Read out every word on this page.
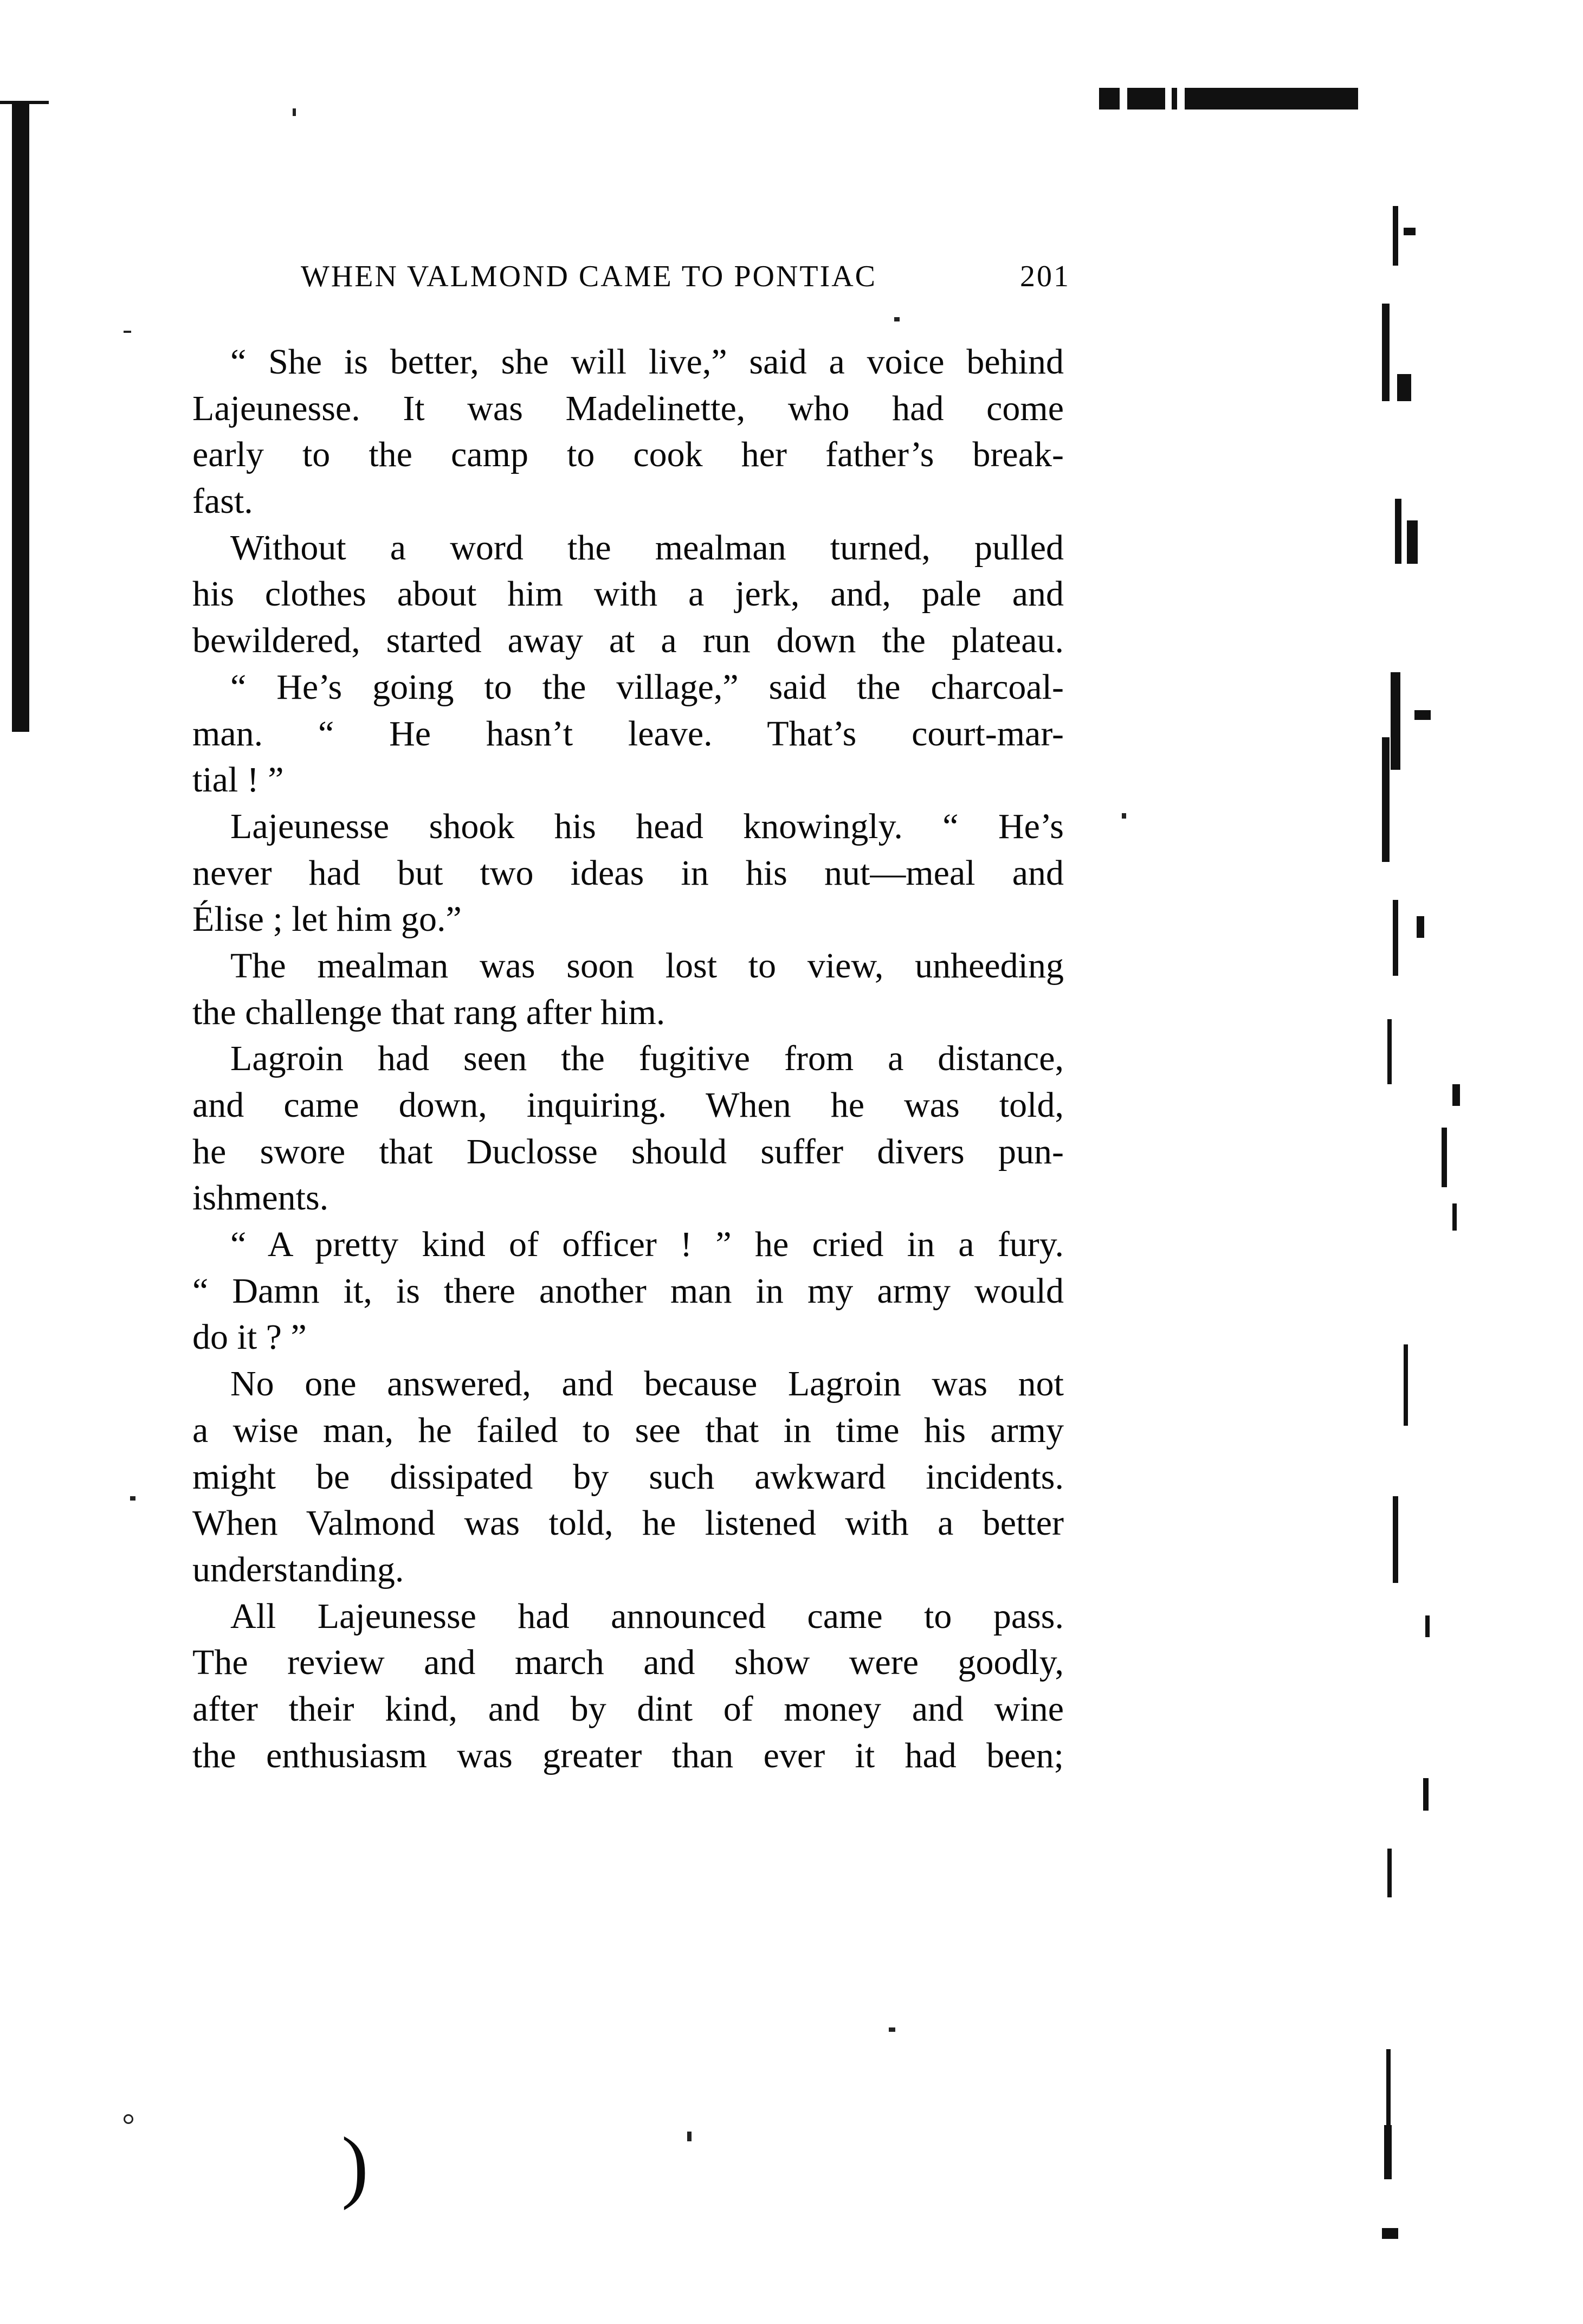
WHEN VALMOND CAME TO PONTIAC	201
“ She is better, she will live,” said a voice behind
Lajeunesse. It was Madelinette, who had come
early to the camp to cook her father’s break-
fast.
Without a word the mealman turned, pulled
his clothes about him with a jerk, and, pale and
bewildered, started away at a run down the plateau.
“ He’s going to the village,” said the charcoal-
man. “ He hasn’t leave. That’s court-mar-
tial ! ”
Lajeunesse shook his head knowingly. “ He’s
never had but two ideas in his nut—meal and
Élise ; let him go.”
The mealman was soon lost to view, unheeding
the challenge that rang after him.
Lagroin had seen the fugitive from a distance,
and came down, inquiring. When he was told,
he swore that Duclosse should suffer divers pun-
ishments.
“ A pretty kind of officer ! ” he cried in a fury.
“ Damn it, is there another man in my army would
do it ? ”
No one answered, and because Lagroin was not
a wise man, he failed to see that in time his army
might be dissipated by such awkward incidents.
When Valmond was told, he listened with a better
understanding.
All Lajeunesse had announced came to pass.
The review and march and show were goodly,
after their kind, and by dint of money and wine
the enthusiasm was greater than ever it had been;
)
